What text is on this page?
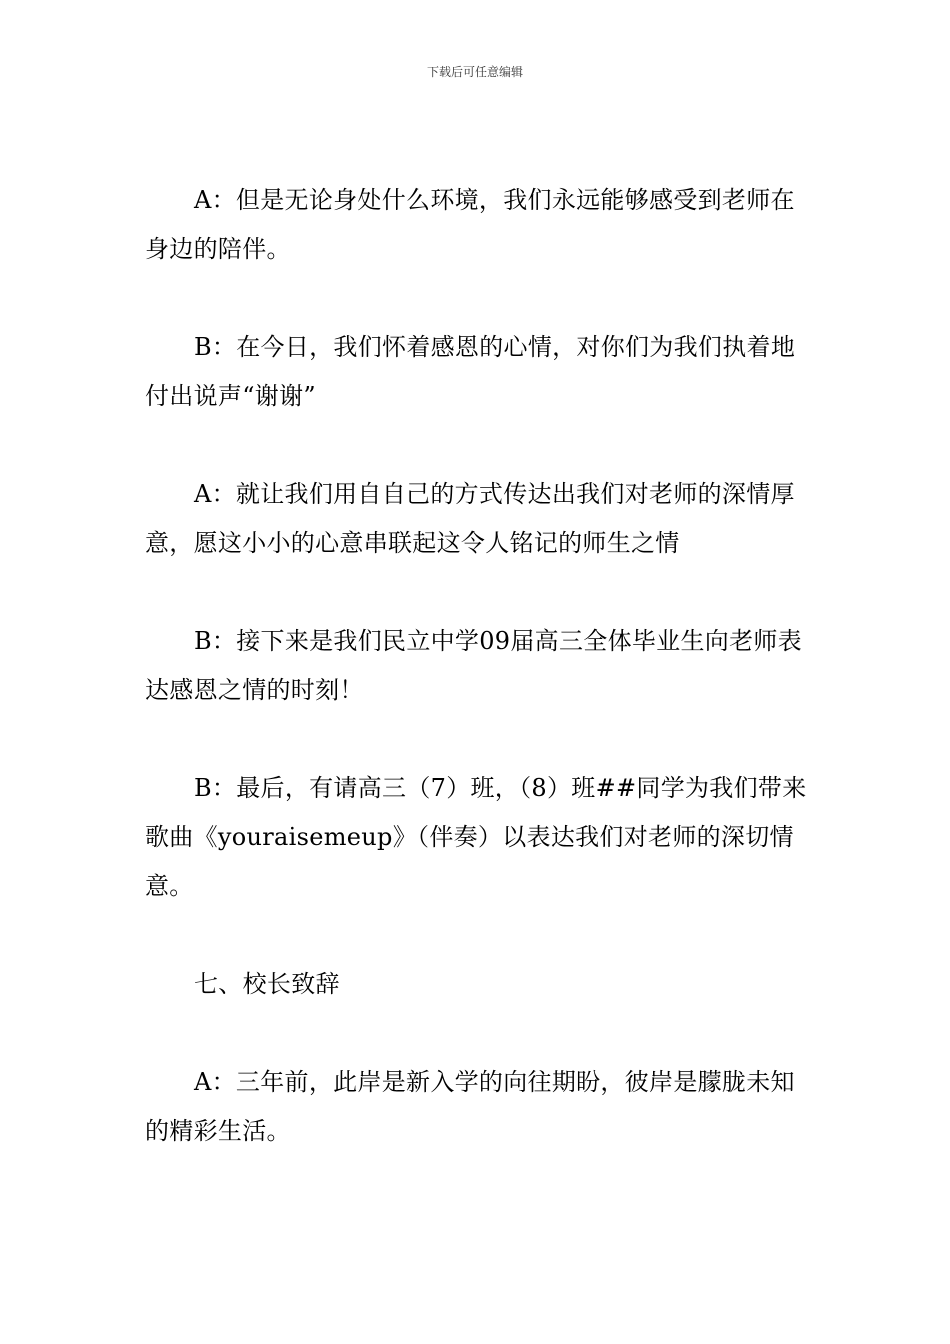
下载后可任意编辑

A：但是无论身处什么环境，我们永远能够感受到老师在身边的陪伴。

B：在今日，我们怀着感恩的心情，对你们为我们执着地付出说声“谢谢”

A：就让我们用自自己的方式传达出我们对老师的深情厚意，愿这小小的心意串联起这令人铭记的师生之情

B：接下来是我们民立中学09届高三全体毕业生向老师表达感恩之情的时刻！

B：最后，有请高三（7）班，（8）班##同学为我们带来歌曲《youraisemeup》（伴奏）以表达我们对老师的深切情意。

七、校长致辞

A：三年前，此岸是新入学的向往期盼，彼岸是朦胧未知的精彩生活。
